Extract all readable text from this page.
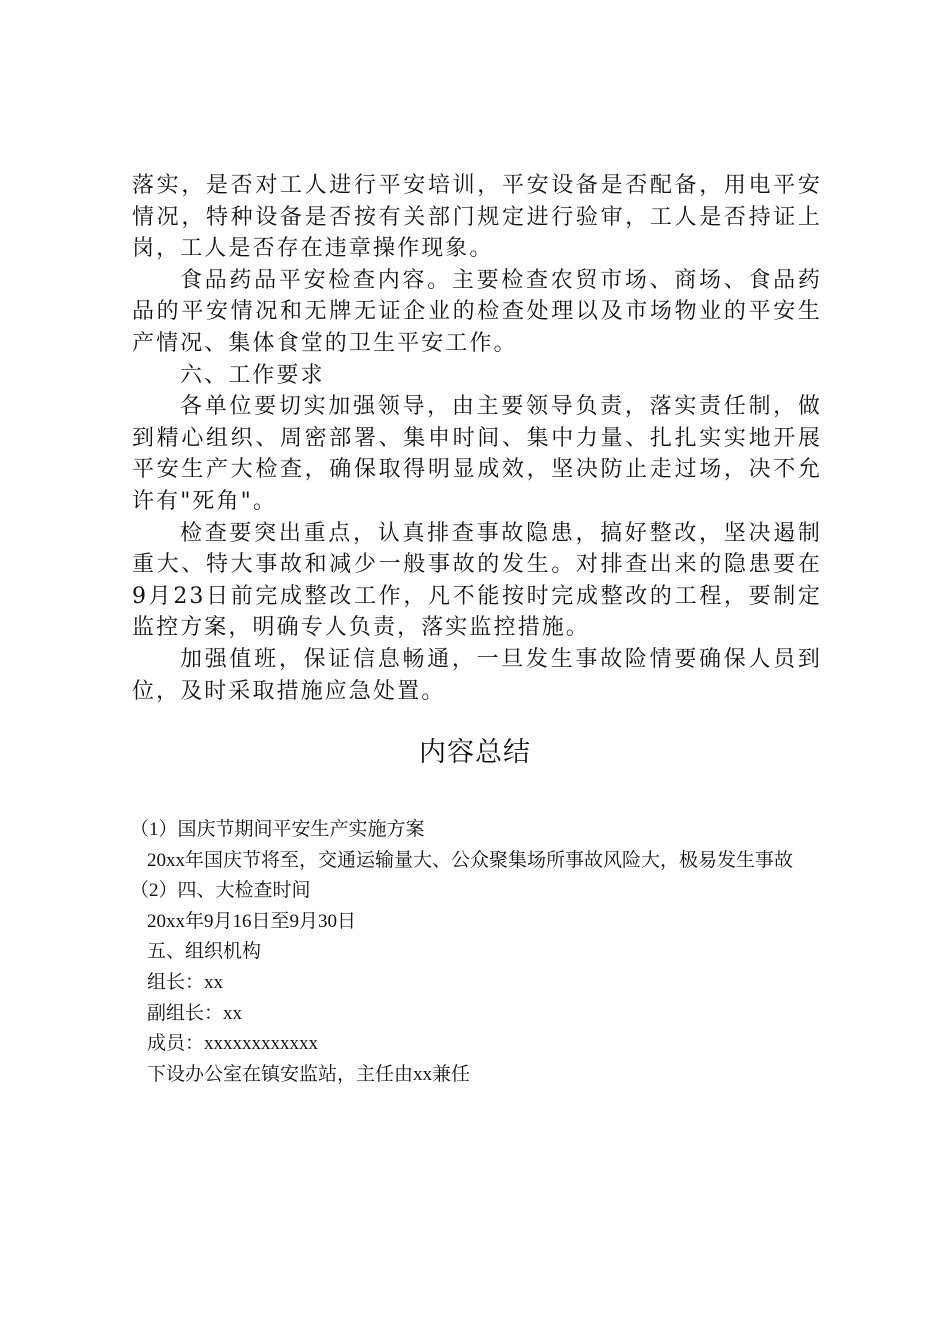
落实，是否对工人进行平安培训，平安设备是否配备，用电平安情况，特种设备是否按有关部门规定进行验审，工人是否持证上岗，工人是否存在违章操作现象。

食品药品平安检查内容。主要检查农贸市场、商场、食品药品的平安情况和无牌无证企业的检查处理以及市场物业的平安生产情况、集体食堂的卫生平安工作。

六、工作要求

各单位要切实加强领导，由主要领导负责，落实责任制，做到精心组织、周密部署、集申时间、集中力量、扎扎实实地开展平安生产大检查，确保取得明显成效，坚决防止走过场，决不允许有"死角"。

检查要突出重点，认真排查事故隐患，搞好整改，坚决遏制重大、特大事故和减少一般事故的发生。对排查出来的隐患要在9月23日前完成整改工作，凡不能按时完成整改的工程，要制定监控方案，明确专人负责，落实监控措施。

加强值班，保证信息畅通，一旦发生事故险情要确保人员到位，及时采取措施应急处置。

内容总结

（1）国庆节期间平安生产实施方案

20xx年国庆节将至，交通运输量大、公众聚集场所事故风险大，极易发生事故

（2）四、大检查时间

20xx年9月16日至9月30日

五、组织机构

组长：xx

副组长：xx

成员：xxxxxxxxxxxx

下设办公室在镇安监站，主任由xx兼任
